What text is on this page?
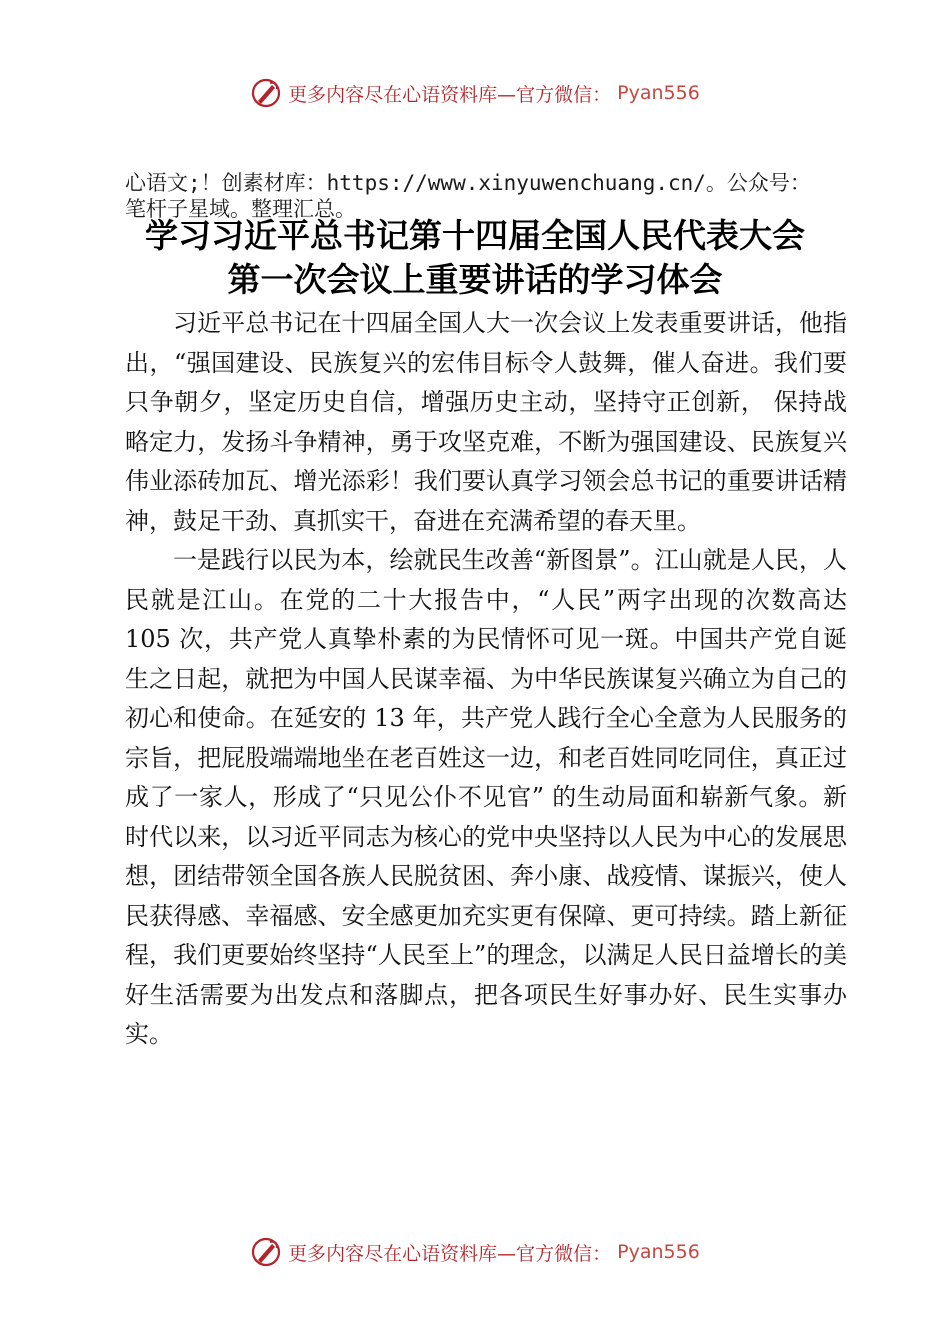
更多内容尽在心语资料库—官方微信： Pyan556
心语文;！创素材库：https://www.xinyuwenchuang.cn/。公众号：笔杆子星域。整理汇总。
学习习近平总书记第十四届全国人民代表大会
第一次会议上重要讲话的学习体会

习近平总书记在十四届全国人大一次会议上发表重要讲话，他指出，“强国建设、民族复兴的宏伟目标令人鼓舞，催人奋进。我们要只争朝夕，坚定历史自信，增强历史主动，坚持守正创新， 保持战略定力，发扬斗争精神，勇于攻坚克难，不断为强国建设、民族复兴伟业添砖加瓦、增光添彩！我们要认真学习领会总书记的重要讲话精神，鼓足干劲、真抓实干，奋进在充满希望的春天里。

一是践行以民为本，绘就民生改善“新图景”。江山就是人民，人民就是江山。在党的二十大报告中，“人民”两字出现的次数高达 105 次，共产党人真挚朴素的为民情怀可见一斑。中国共产党自诞生之日起，就把为中国人民谋幸福、为中华民族谋复兴确立为自己的初心和使命。在延安的 13 年，共产党人践行全心全意为人民服务的宗旨，把屁股端端地坐在老百姓这一边，和老百姓同吃同住，真正过成了一家人，形成了“只见公仆不见官” 的生动局面和崭新气象。新时代以来，以习近平同志为核心的党中央坚持以人民为中心的发展思想，团结带领全国各族人民脱贫困、奔小康、战疫情、谋振兴，使人民获得感、幸福感、安全感更加充实更有保障、更可持续。踏上新征程，我们更要始终坚持“人民至上”的理念，以满足人民日益增长的美好生活需要为出发点和落脚点，把各项民生好事办好、民生实事办实。

更多内容尽在心语资料库—官方微信： Pyan556
